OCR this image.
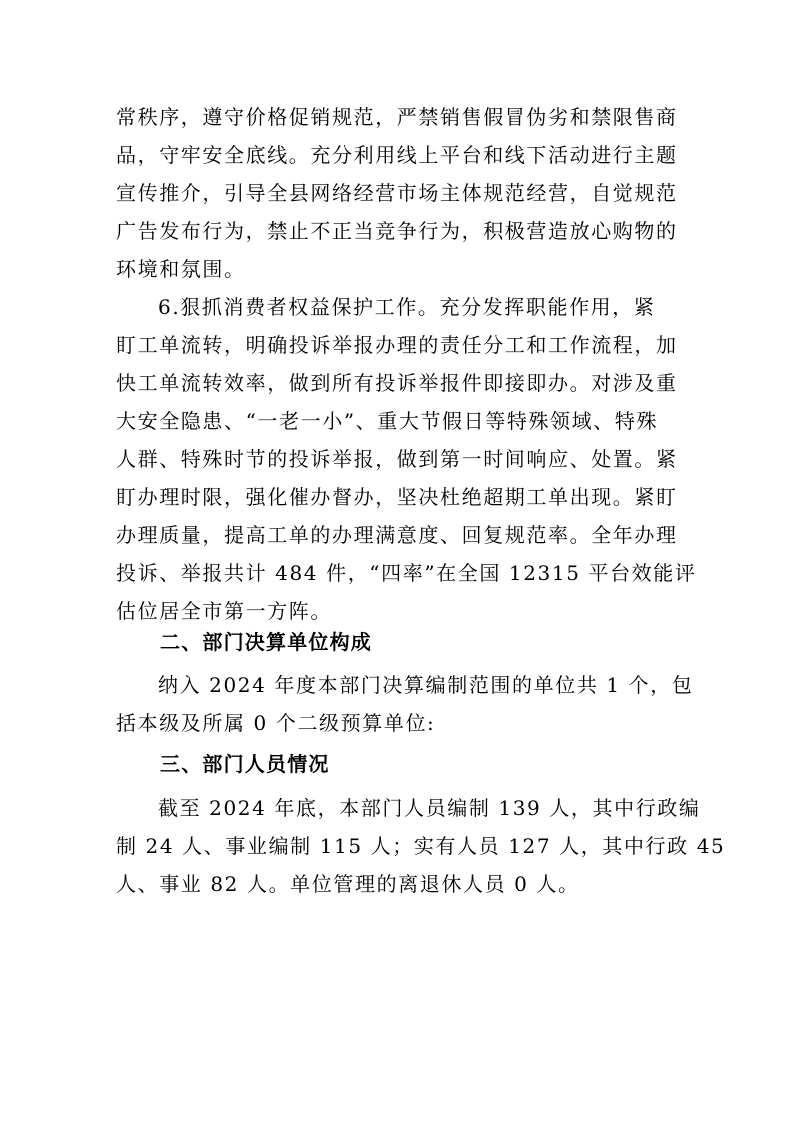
常秩序，遵守价格促销规范，严禁销售假冒伪劣和禁限售商
品，守牢安全底线。充分利用线上平台和线下活动进行主题
宣传推介，引导全县网络经营市场主体规范经营，自觉规范
广告发布行为，禁止不正当竞争行为，积极营造放心购物的
环境和氛围。
6.狠抓消费者权益保护工作。充分发挥职能作用，紧
盯工单流转，明确投诉举报办理的责任分工和工作流程，加
快工单流转效率，做到所有投诉举报件即接即办。对涉及重
大安全隐患、“一老一小”、重大节假日等特殊领域、特殊
人群、特殊时节的投诉举报，做到第一时间响应、处置。紧
盯办理时限，强化催办督办，坚决杜绝超期工单出现。紧盯
办理质量，提高工单的办理满意度、回复规范率。全年办理
投诉、举报共计 484 件，“四率”在全国 12315 平台效能评
估位居全市第一方阵。
二、部门决算单位构成
纳入 2024 年度本部门决算编制范围的单位共 1 个，包
括本级及所属 0 个二级预算单位:
三、部门人员情况
截至 2024 年底，本部门人员编制 139 人，其中行政编
制 24 人、事业编制 115 人；实有人员 127 人，其中行政 45
人、事业 82 人。单位管理的离退休人员 0 人。
